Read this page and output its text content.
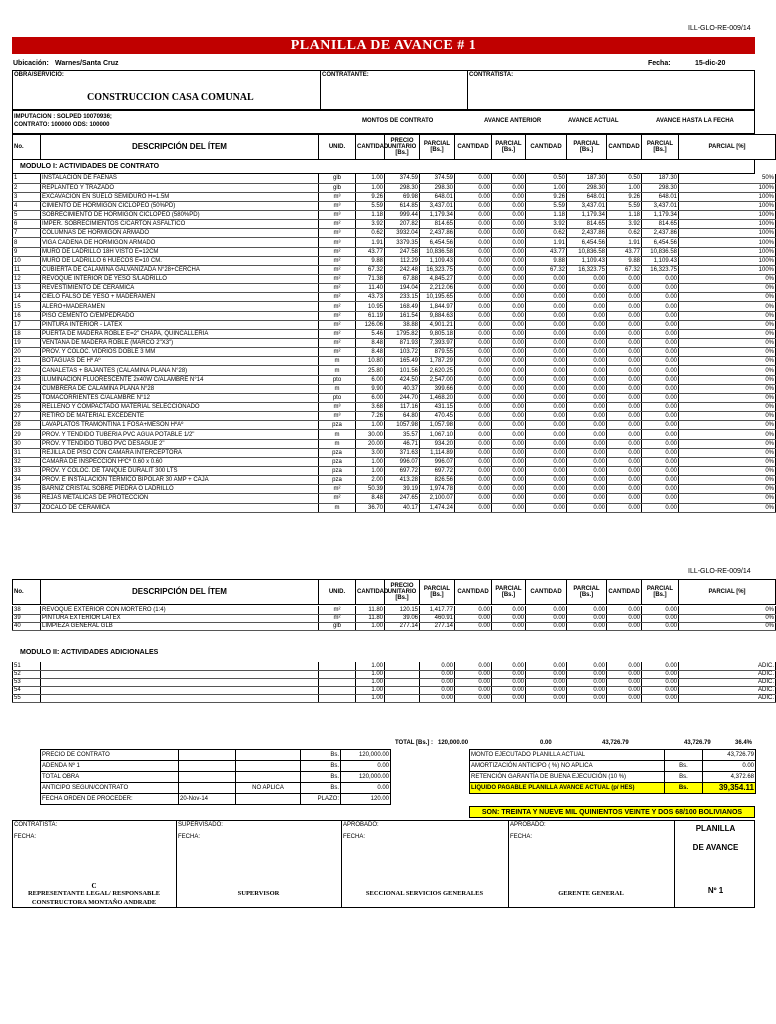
ILL-GLO-RE-009/14
PLANILLA DE AVANCE # 1
Ubicación: Warnes/Santa Cruz	Fecha:	15-dic-20
OBRA/SERVICIO:	CONTRATANTE:	CONTRATISTA:
CONSTRUCCION CASA COMUNAL
IMPUTACION : SOLPED 10070936;
CONTRATO: 100000 ODS: 100000
MONTOS DE CONTRATO	AVANCE ANTERIOR	AVANCE ACTUAL	AVANCE HASTA LA FECHA
No.	DESCRIPCIÓN DEL ÍTEM	UNID.	CANTIDAD	PRECIO UNITARIO [Bs.]	PARCIAL [Bs.]	CANTIDAD	PARCIAL [Bs.]	CANTIDAD	PARCIAL [Bs.]	CANTIDAD	PARCIAL [Bs.]	PARCIAL [%]
MODULO I: ACTIVIDADES DE CONTRATO
1	INSTALACION DE FAENAS	glb	1.00	374.59	374.59	0.00	0.00	0.50	187.30	0.50	187.30	50%
2	REPLANTEO Y TRAZADO	glb	1.00	298.30	298.30	0.00	0.00	1.00	298.30	1.00	298.30	100%
3	EXCAVACION EN SUELO SEMIDURO H=1.5M	m³	9.26	69.98	648.01	0.00	0.00	9.26	648.01	9.26	648.01	100%
4	CIMIENTO DE HORMIGON CICLOPEO (50%PD)	m³	5.59	614.85	3,437.01	0.00	0.00	5.59	3,437.01	5.59	3,437.01	100%
5	SOBRECIMIENTO DE HORMIGON CICLOPEO (580%PD)	m³	1.18	999.44	1,179.34	0.00	0.00	1.18	1,179.34	1.18	1,179.34	100%
6	IMPER. SOBRECIMIENTOS C/CARTON ASFALTICO	m²	3.92	207.82	814.65	0.00	0.00	3.92	814.65	3.92	814.65	100%
7	COLUMNAS DE HORMIGON ARMADO	m³	0.62	3932.04	2,437.86	0.00	0.00	0.62	2,437.86	0.62	2,437.86	100%
8	VIGA CADENA DE HORMIGON ARMADO	m³	1.91	3379.35	6,454.56	0.00	0.00	1.91	6,454.56	1.91	6,454.56	100%
9	MURO DE LADRILLO 18H VISTO E=12CM	m²	43.77	247.58	10,836.58	0.00	0.00	43.77	10,836.58	43.77	10,836.58	100%
10	MURO DE LADRILLO 6 HUECOS E=10 CM.	m²	9.88	112.29	1,109.43	0.00	0.00	9.88	1,109.43	9.88	1,109.43	100%
11	CUBIERTA DE CALAMINA GALVANIZADA N°28+CERCHA	m²	67.32	242.48	16,323.75	0.00	0.00	67.32	16,323.75	67.32	16,323.75	100%
12	REVOQUE INTERIOR DE YESO S/LADRILLO	m²	71.38	67.88	4,845.27	0.00	0.00	0.00	0.00	0.00	0.00	0%
13	REVESTIMIENTO DE CERAMICA	m²	11.40	194.04	2,212.06	0.00	0.00	0.00	0.00	0.00	0.00	0%
14	CIELO FALSO DE YESO + MADERAMEN	m²	43.73	233.15	10,195.65	0.00	0.00	0.00	0.00	0.00	0.00	0%
15	ALERO+MADERAMEN	m²	10.95	168.49	1,844.97	0.00	0.00	0.00	0.00	0.00	0.00	0%
16	PISO CEMENTO C/EMPEDRADO	m²	61.19	161.54	9,884.63	0.00	0.00	0.00	0.00	0.00	0.00	0%
17	PINTURA INTERIOR - LATEX	m²	126.06	38.88	4,901.21	0.00	0.00	0.00	0.00	0.00	0.00	0%
18	PUERTA DE MADERA ROBLE E=2" CHAPA, QUINCALLERIA	m²	5.46	1795.82	9,805.18	0.00	0.00	0.00	0.00	0.00	0.00	0%
19	VENTANA DE MADERA ROBLE (MARCO 2"X3")	m²	8.48	871.93	7,393.97	0.00	0.00	0.00	0.00	0.00	0.00	0%
20	PROV. Y COLOC. VIDRIOS DOBLE 3 MM	m²	8.48	103.72	879.55	0.00	0.00	0.00	0.00	0.00	0.00	0%
21	BOTAGUAS DE Hº Aº	m	10.80	165.49	1,787.29	0.00	0.00	0.00	0.00	0.00	0.00	0%
22	CANALETAS + BAJANTES (CALAMINA PLANA N°28)	m	25.80	101.56	2,620.25	0.00	0.00	0.00	0.00	0.00	0.00	0%
23	ILUMINACION FLUORESCENTE 2x40W C/ALAMBRE N°14	pto	6.00	424.50	2,547.00	0.00	0.00	0.00	0.00	0.00	0.00	0%
24	CUMBRERA DE CALAMINA PLANA N°28	m	9.90	40.37	399.66	0.00	0.00	0.00	0.00	0.00	0.00	0%
25	TOMACORRIENTES C/ALAMBRE N°12	pto	6.00	244.70	1,468.20	0.00	0.00	0.00	0.00	0.00	0.00	0%
26	RELLENO Y COMPACTADO MATERIAL SELECCIONADO	m³	3.68	117.16	431.15	0.00	0.00	0.00	0.00	0.00	0.00	0%
27	RETIRO DE MATERIAL EXCEDENTE	m³	7.26	64.80	470.45	0.00	0.00	0.00	0.00	0.00	0.00	0%
28	LAVAPLATOS TRAMONTINA 1 FOSA+MESON HºAº	pza	1.00	1057.98	1,057.98	0.00	0.00	0.00	0.00	0.00	0.00	0%
29	PROV. Y TENDIDO TUBERIA PVC AGUA POTABLE 1/2"	m	30.00	35.57	1,067.10	0.00	0.00	0.00	0.00	0.00	0.00	0%
30	PROV. Y TENDIDO TUBO PVC DESAGUE 2"	m	20.00	46.71	934.20	0.00	0.00	0.00	0.00	0.00	0.00	0%
31	REJILLA DE PISO CON CAMARA INTERCEPTORA	pza	3.00	371.63	1,114.89	0.00	0.00	0.00	0.00	0.00	0.00	0%
32	CAMARA DE INSPECCION HºCº 0.60 x 0.60	pza	1.00	996.07	996.07	0.00	0.00	0.00	0.00	0.00	0.00	0%
33	PROV. Y COLOC. DE TANQUE DURALIT 300 LTS	pza	1.00	697.72	697.72	0.00	0.00	0.00	0.00	0.00	0.00	0%
34	PROV. E INSTALACION TERMICO BIPOLAR 30 AMP + CAJA	pza	2.00	413.28	826.56	0.00	0.00	0.00	0.00	0.00	0.00	0%
35	BARNIZ CRISTAL SOBRE PIEDRA O LADRILLO	m²	50.39	39.19	1,974.78	0.00	0.00	0.00	0.00	0.00	0.00	0%
36	REJAS METALICAS DE PROTECCION	m²	8.48	247.65	2,100.07	0.00	0.00	0.00	0.00	0.00	0.00	0%
37	ZOCALO DE CERAMICA	m	36.70	40.17	1,474.24	0.00	0.00	0.00	0.00	0.00	0.00	0%
ILL-GLO-RE-009/14
No.	DESCRIPCIÓN DEL ÍTEM	UNID.	CANTIDAD	PRECIO UNITARIO [Bs.]	PARCIAL [Bs.]	CANTIDAD	PARCIAL [Bs.]	CANTIDAD	PARCIAL [Bs.]	CANTIDAD	PARCIAL [Bs.]	PARCIAL [%]
38	REVOQUE EXTERIOR CON MORTERO (1:4)	m²	11.80	120.15	1,417.77	0.00	0.00	0.00	0.00	0.00	0.00	0%
39	PINTURA EXTERIOR LATEX	m²	11.80	39.06	460.91	0.00	0.00	0.00	0.00	0.00	0.00	0%
40	LIMPIEZA GENERAL GLB	glb	1.00	277.14	277.14	0.00	0.00	0.00	0.00	0.00	0.00	0%
MODULO II: ACTIVIDADES ADICIONALES
51			1.00		0.00	0.00	0.00	0.00	0.00	0.00	0.00	ADIC.
52			1.00		0.00	0.00	0.00	0.00	0.00	0.00	0.00	ADIC.
53			1.00		0.00	0.00	0.00	0.00	0.00	0.00	0.00	ADIC.
54			1.00		0.00	0.00	0.00	0.00	0.00	0.00	0.00	ADIC.
55			1.00		0.00	0.00	0.00	0.00	0.00	0.00	0.00	ADIC.
TOTAL [Bs.] : 120,000.00	0.00	43,726.79	43,726.79	36.4%
PRECIO DE CONTRATO			Bs.	120,000.00
ADENDA Nº 1			Bs.	0.00
TOTAL OBRA			Bs.	120,000.00
ANTICIPO SEGUN/CONTRATO		NO APLICA	Bs.	0.00
FECHA ORDEN DE PROCEDER:	20-Nov-14		PLAZO:	120.00
MONTO EJECUTADO PLANILLA ACTUAL		43,726.79
AMORTIZACIÓN ANTICIPO ( %) NO APLICA	Bs.	0.00
RETENCIÓN GARANTÍA DE BUENA EJECUCIÓN (10 %)	Bs.	4,372.68
LIQUIDO PAGABLE PLANILLA AVANCE ACTUAL (p/ HES)	Bs.	39,354.11
SON: TREINTA Y NUEVE MIL QUINIENTOS VEINTE Y DOS 68/100 BOLIVIANOS
CONTRATISTA:	SUPERVISADO:	APROBADO:	APROBADO:
FECHA:	FECHA:	FECHA:	FECHA:
PLANILLA
DE AVANCE
Nº 1
C
REPRESENTANTE LEGAL/ RESPONSABLE
CONSTRUCTORA MONTAÑO ANDRADE
SUPERVISOR	SECCIONAL SERVICIOS GENERALES	GERENTE GENERAL
